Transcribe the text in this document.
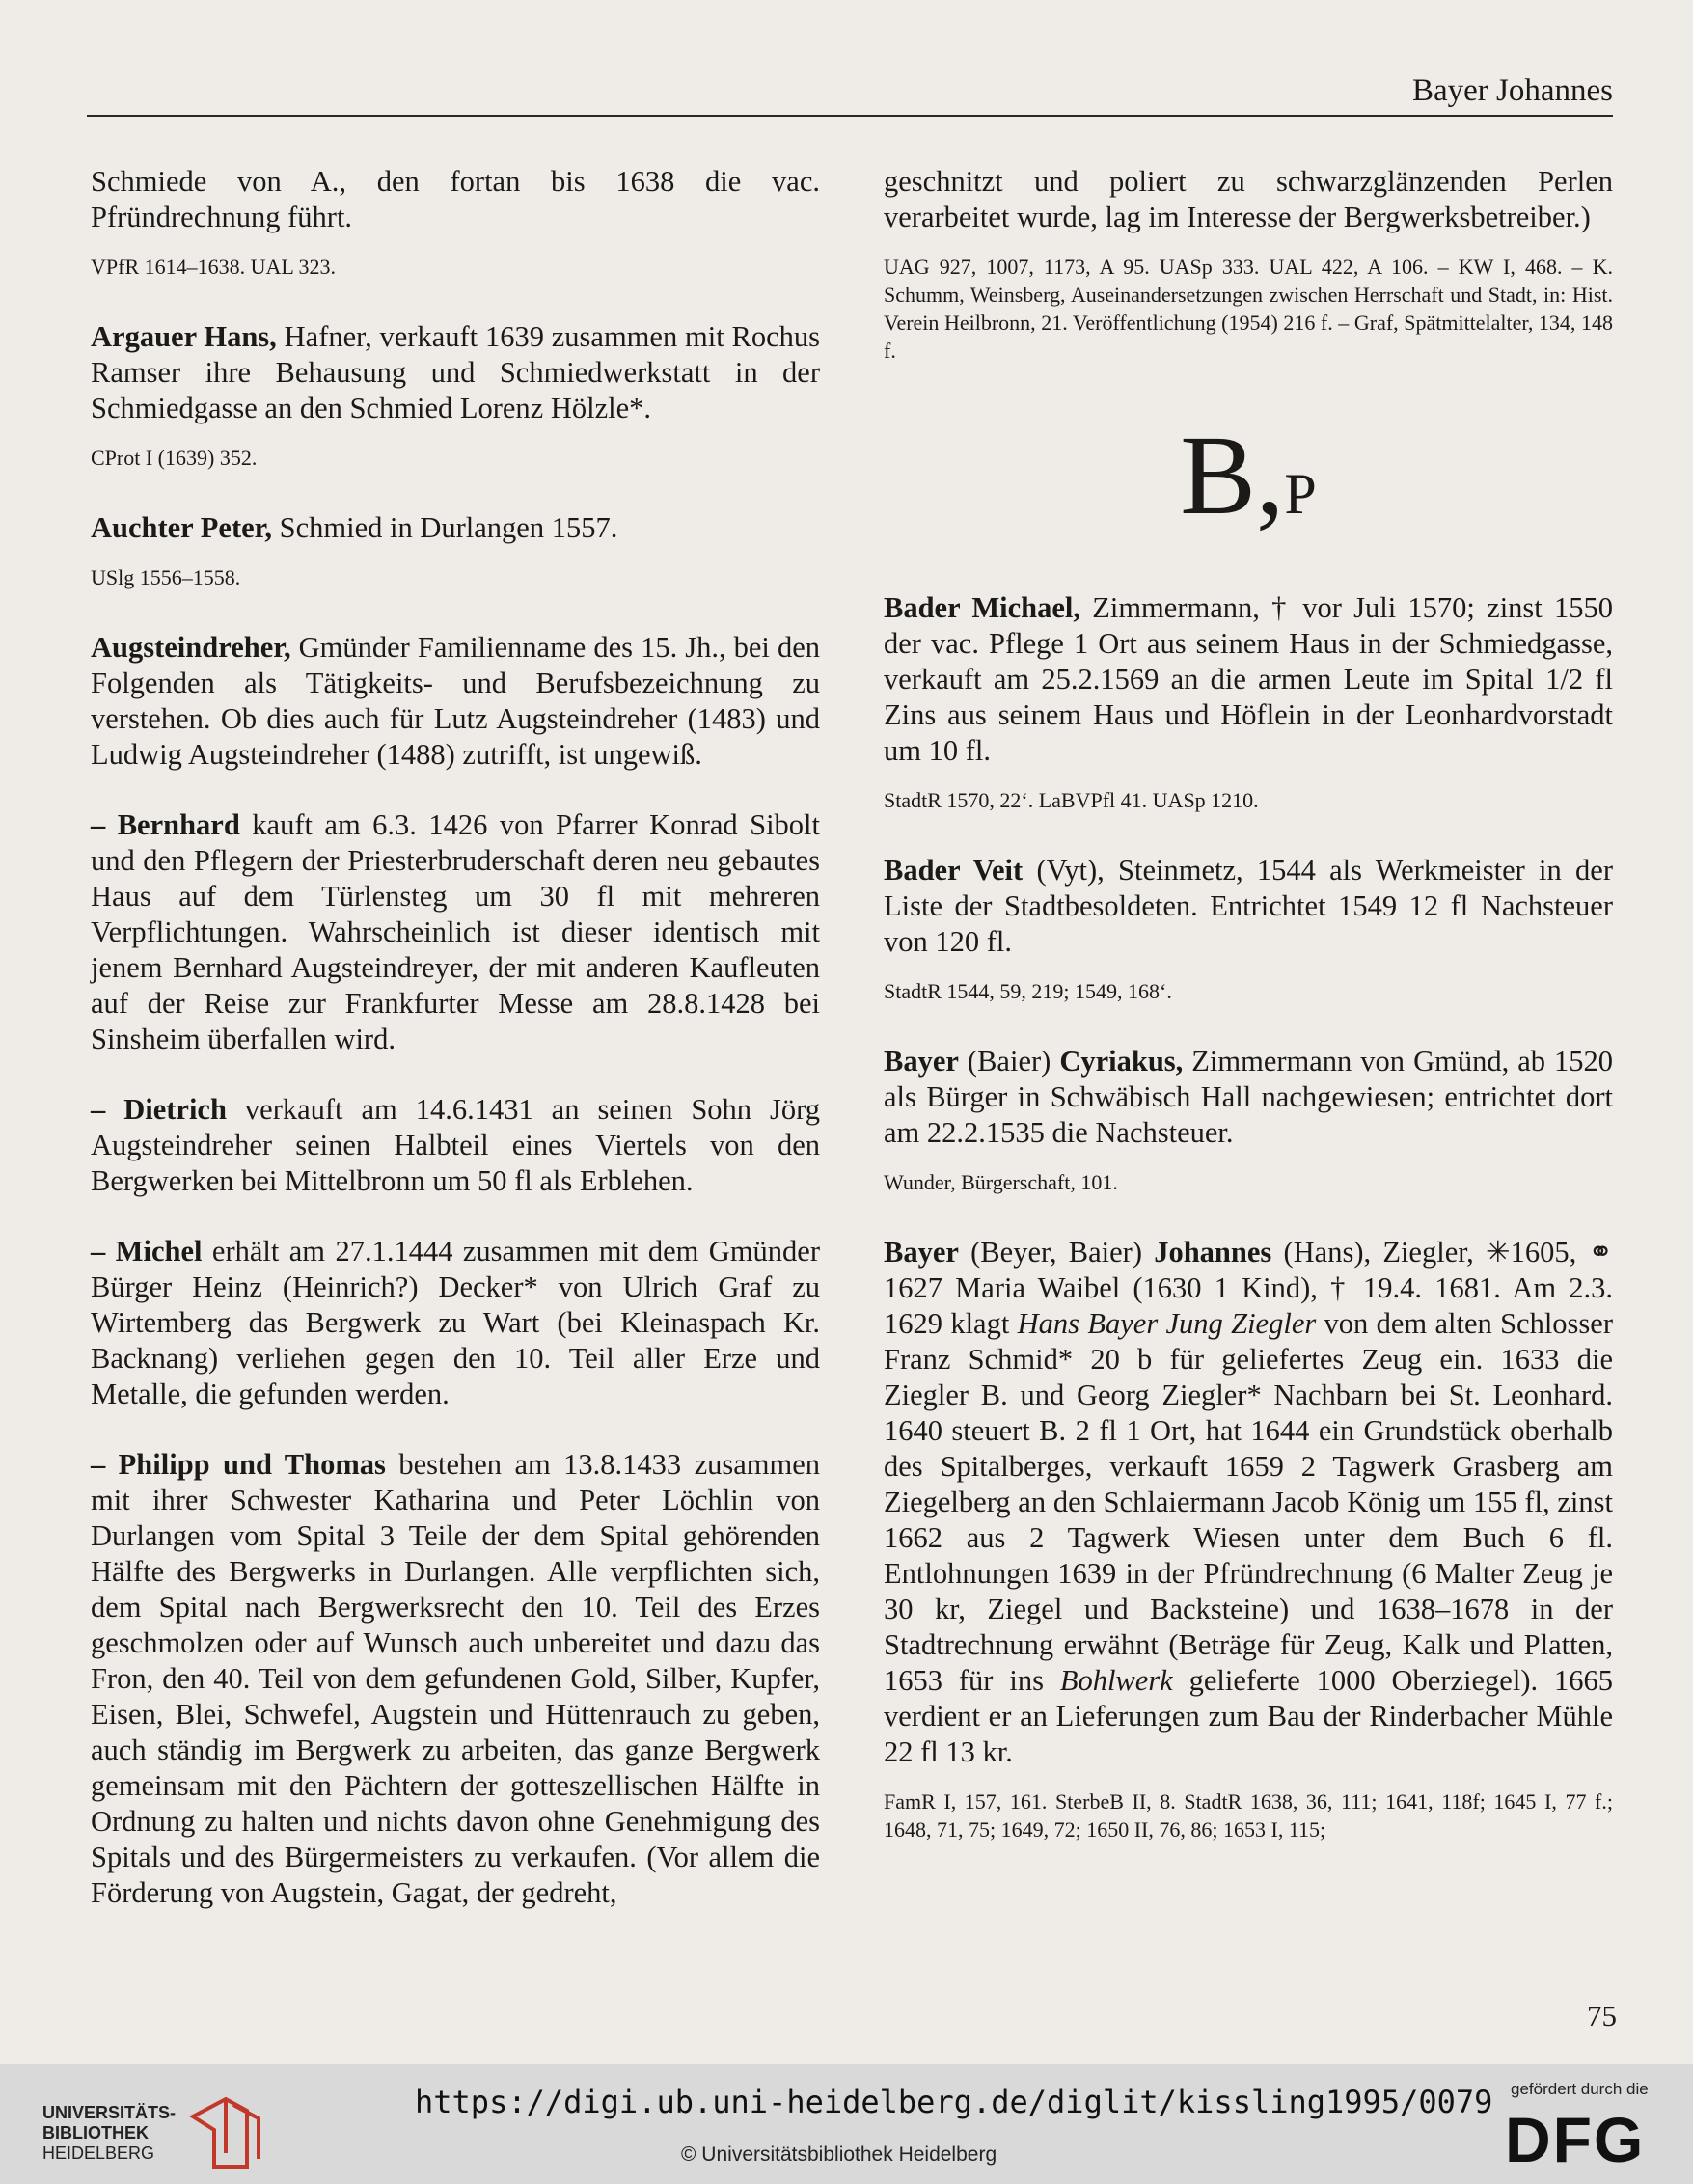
Bayer Johannes

Schmiede von A., den fortan bis 1638 die vac. Pfründrechnung führt.

VPfR 1614–1638. UAL 323.

Argauer Hans, Hafner, verkauft 1639 zusammen mit Rochus Ramser ihre Behausung und Schmiedwerkstatt in der Schmiedgasse an den Schmied Lorenz Hölzle*.

CProt I (1639) 352.

Auchter Peter, Schmied in Durlangen 1557.

USlg 1556–1558.

Augsteindreher, Gmünder Familienname des 15. Jh., bei den Folgenden als Tätigkeits- und Berufsbezeichnung zu verstehen. Ob dies auch für Lutz Augsteindreher (1483) und Ludwig Augsteindreher (1488) zutrifft, ist ungewiß.

– Bernhard kauft am 6.3. 1426 von Pfarrer Konrad Sibolt und den Pflegern der Priesterbruderschaft deren neu gebautes Haus auf dem Türlensteg um 30 fl mit mehreren Verpflichtungen. Wahrscheinlich ist dieser identisch mit jenem Bernhard Augsteindreyer, der mit anderen Kaufleuten auf der Reise zur Frankfurter Messe am 28.8.1428 bei Sinsheim überfallen wird.

– Dietrich verkauft am 14.6.1431 an seinen Sohn Jörg Augsteindreher seinen Halbteil eines Viertels von den Bergwerken bei Mittelbronn um 50 fl als Erblehen.

– Michel erhält am 27.1.1444 zusammen mit dem Gmünder Bürger Heinz (Heinrich?) Decker* von Ulrich Graf zu Wirtemberg das Bergwerk zu Wart (bei Kleinaspach Kr. Backnang) verliehen gegen den 10. Teil aller Erze und Metalle, die gefunden werden.

– Philipp und Thomas bestehen am 13.8.1433 zusammen mit ihrer Schwester Katharina und Peter Löchlin von Durlangen vom Spital 3 Teile der dem Spital gehörenden Hälfte des Bergwerks in Durlangen. Alle verpflichten sich, dem Spital nach Bergwerksrecht den 10. Teil des Erzes geschmolzen oder auf Wunsch auch unbereitet und dazu das Fron, den 40. Teil von dem gefundenen Gold, Silber, Kupfer, Eisen, Blei, Schwefel, Augstein und Hüttenrauch zu geben, auch ständig im Bergwerk zu arbeiten, das ganze Bergwerk gemeinsam mit den Pächtern der gotteszellischen Hälfte in Ordnung zu halten und nichts davon ohne Genehmigung des Spitals und des Bürgermeisters zu verkaufen. (Vor allem die Förderung von Augstein, Gagat, der gedreht,

geschnitzt und poliert zu schwarzglänzenden Perlen verarbeitet wurde, lag im Interesse der Bergwerksbetreiber.)

UAG 927, 1007, 1173, A 95. UASp 333. UAL 422, A 106. – KW I, 468. – K. Schumm, Weinsberg, Auseinandersetzungen zwischen Herrschaft und Stadt, in: Hist. Verein Heilbronn, 21. Veröffentlichung (1954) 216 f. – Graf, Spätmittelalter, 134, 148 f.

B,P

Bader Michael, Zimmermann, † vor Juli 1570; zinst 1550 der vac. Pflege 1 Ort aus seinem Haus in der Schmiedgasse, verkauft am 25.2.1569 an die armen Leute im Spital 1/2 fl Zins aus seinem Haus und Höflein in der Leonhardvorstadt um 10 fl.

StadtR 1570, 22‘. LaBVPfl 41. UASp 1210.

Bader Veit (Vyt), Steinmetz, 1544 als Werkmeister in der Liste der Stadtbesoldeten. Entrichtet 1549 12 fl Nachsteuer von 120 fl.

StadtR 1544, 59, 219; 1549, 168‘.

Bayer (Baier) Cyriakus, Zimmermann von Gmünd, ab 1520 als Bürger in Schwäbisch Hall nachgewiesen; entrichtet dort am 22.2.1535 die Nachsteuer.

Wunder, Bürgerschaft, 101.

Bayer (Beyer, Baier) Johannes (Hans), Ziegler, ✳1605, ⚭ 1627 Maria Waibel (1630 1 Kind), † 19.4. 1681. Am 2.3. 1629 klagt Hans Bayer Jung Ziegler von dem alten Schlosser Franz Schmid* 20 b für geliefertes Zeug ein. 1633 die Ziegler B. und Georg Ziegler* Nachbarn bei St. Leonhard. 1640 steuert B. 2 fl 1 Ort, hat 1644 ein Grundstück oberhalb des Spitalberges, verkauft 1659 2 Tagwerk Grasberg am Ziegelberg an den Schlaiermann Jacob König um 155 fl, zinst 1662 aus 2 Tagwerk Wiesen unter dem Buch 6 fl. Entlohnungen 1639 in der Pfründrechnung (6 Malter Zeug je 30 kr, Ziegel und Backsteine) und 1638–1678 in der Stadtrechnung erwähnt (Beträge für Zeug, Kalk und Platten, 1653 für ins Bohlwerk gelieferte 1000 Oberziegel). 1665 verdient er an Lieferungen zum Bau der Rinderbacher Mühle 22 fl 13 kr.

FamR I, 157, 161. SterbeB II, 8. StadtR 1638, 36, 111; 1641, 118f; 1645 I, 77 f.; 1648, 71, 75; 1649, 72; 1650 II, 76, 86; 1653 I, 115;

75
UNIVERSITÄTS-
BIBLIOTHEK
HEIDELBERG
https://digi.ub.uni-heidelberg.de/diglit/kissling1995/0079
© Universitätsbibliothek Heidelberg
gefördert durch die
DFG
